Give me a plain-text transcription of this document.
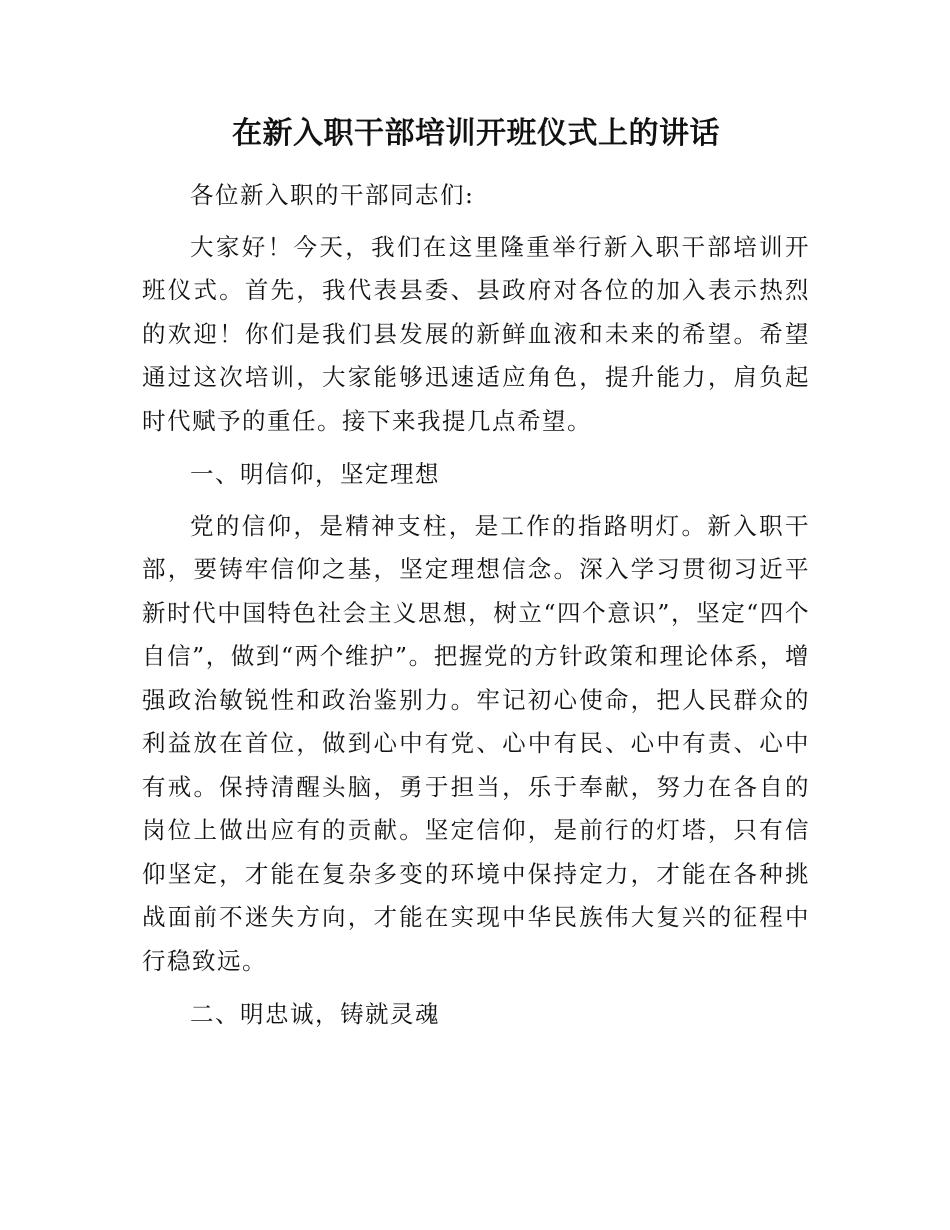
在新入职干部培训开班仪式上的讲话

各位新入职的干部同志们:

大家好！今天，我们在这里隆重举行新入职干部培训开班仪式。首先，我代表县委、县政府对各位的加入表示热烈的欢迎！你们是我们县发展的新鲜血液和未来的希望。希望通过这次培训，大家能够迅速适应角色，提升能力，肩负起时代赋予的重任。接下来我提几点希望。

一、明信仰，坚定理想

党的信仰，是精神支柱，是工作的指路明灯。新入职干部，要铸牢信仰之基，坚定理想信念。深入学习贯彻习近平新时代中国特色社会主义思想，树立“四个意识”，坚定“四个自信”，做到“两个维护”。把握党的方针政策和理论体系，增强政治敏锐性和政治鉴别力。牢记初心使命，把人民群众的利益放在首位，做到心中有党、心中有民、心中有责、心中有戒。保持清醒头脑，勇于担当，乐于奉献，努力在各自的岗位上做出应有的贡献。坚定信仰，是前行的灯塔，只有信仰坚定，才能在复杂多变的环境中保持定力，才能在各种挑战面前不迷失方向，才能在实现中华民族伟大复兴的征程中行稳致远。

二、明忠诚，铸就灵魂
